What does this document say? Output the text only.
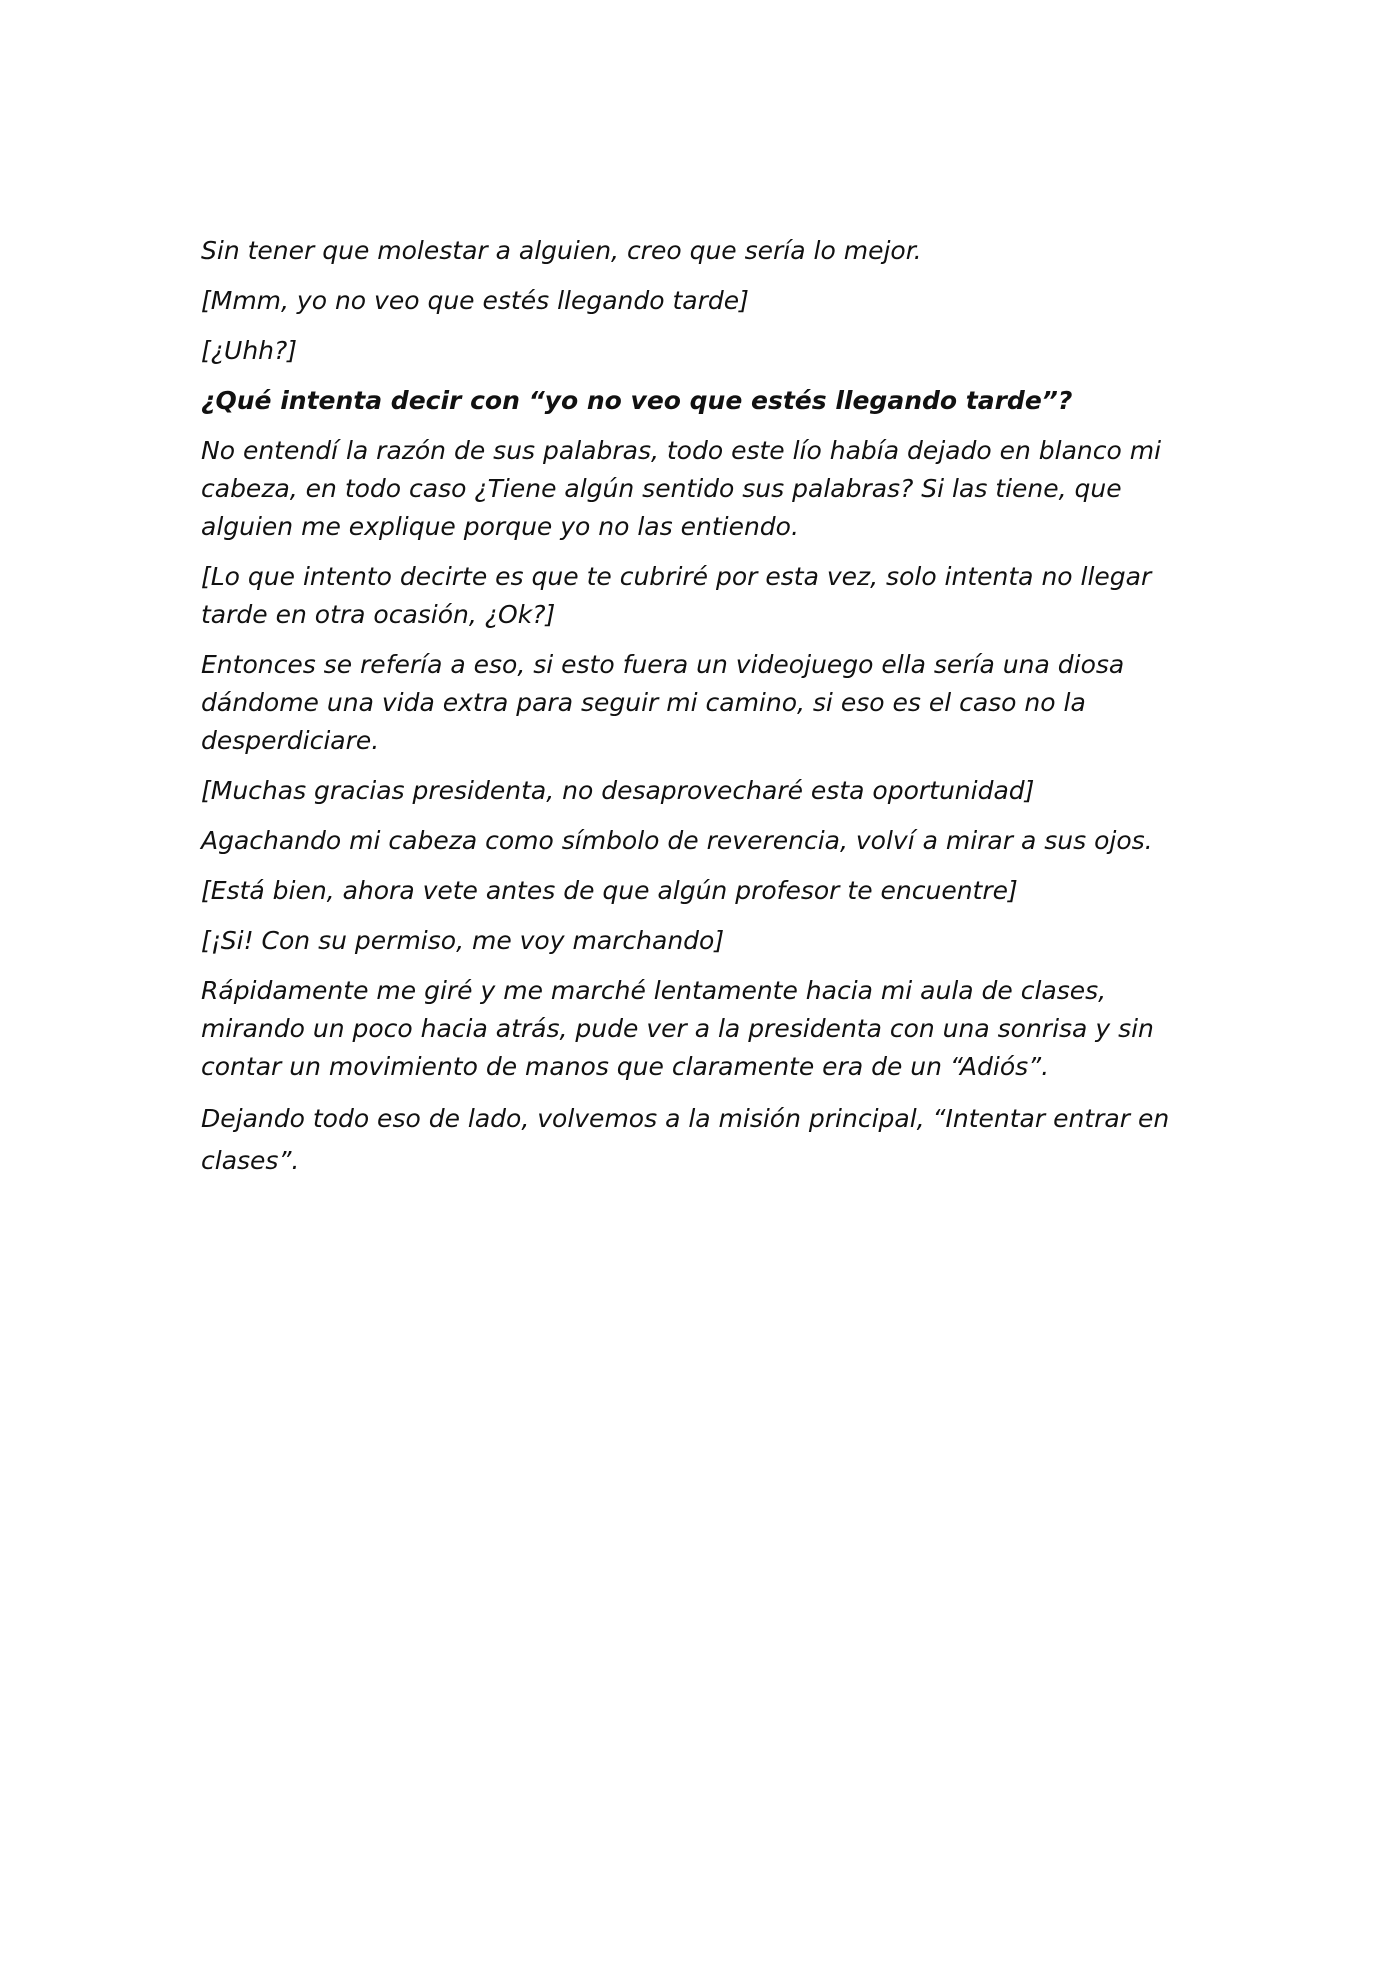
Sin tener que molestar a alguien, creo que sería lo mejor.

[Mmm, yo no veo que estés llegando tarde]

[¿Uhh?]

¿Qué intenta decir con “yo no veo que estés llegando tarde”?

No entendí la razón de sus palabras, todo este lío había dejado en blanco mi cabeza, en todo caso ¿Tiene algún sentido sus palabras? Si las tiene, que alguien me explique porque yo no las entiendo.

[Lo que intento decirte es que te cubriré por esta vez, solo intenta no llegar tarde en otra ocasión, ¿Ok?]

Entonces se refería a eso, si esto fuera un videojuego ella sería una diosa dándome una vida extra para seguir mi camino, si eso es el caso no la desperdiciare.

[Muchas gracias presidenta, no desaprovecharé esta oportunidad]

Agachando mi cabeza como símbolo de reverencia, volví a mirar a sus ojos.

[Está bien, ahora vete antes de que algún profesor te encuentre]

[¡Si! Con su permiso, me voy marchando]

Rápidamente me giré y me marché lentamente hacia mi aula de clases, mirando un poco hacia atrás, pude ver a la presidenta con una sonrisa y sin contar un movimiento de manos que claramente era de un “Adiós”.

Dejando todo eso de lado, volvemos a la misión principal, “Intentar entrar en clases”.
